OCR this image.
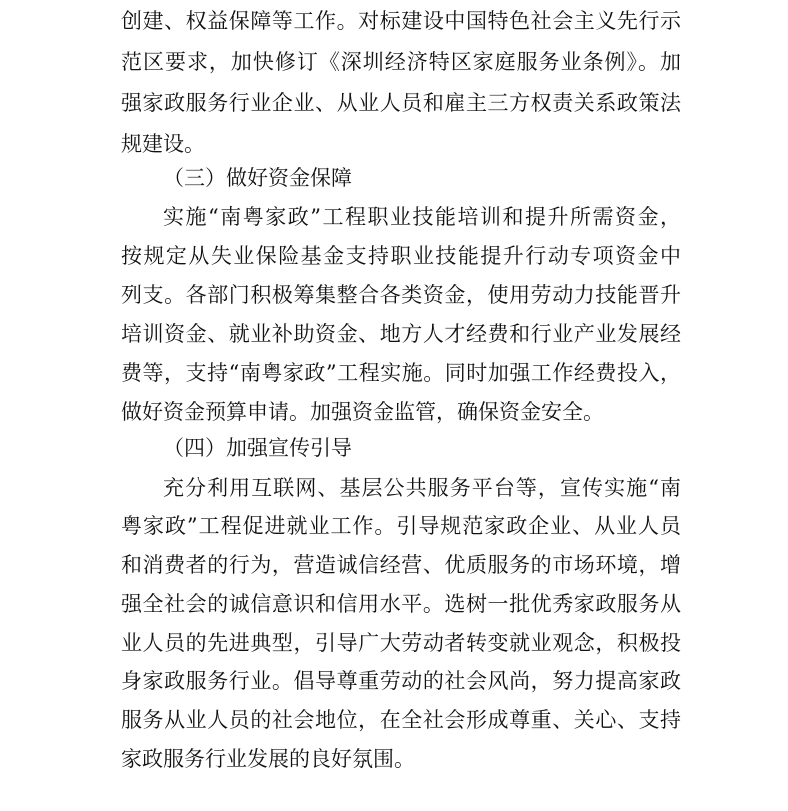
创建、权益保障等工作。对标建设中国特色社会主义先行示
范区要求，加快修订《深圳经济特区家庭服务业条例》。加
强家政服务行业企业、从业人员和雇主三方权责关系政策法
规建设。
（三）做好资金保障
实施“南粤家政”工程职业技能培训和提升所需资金，
按规定从失业保险基金支持职业技能提升行动专项资金中
列支。各部门积极筹集整合各类资金，使用劳动力技能晋升
培训资金、就业补助资金、地方人才经费和行业产业发展经
费等，支持“南粤家政”工程实施。同时加强工作经费投入，
做好资金预算申请。加强资金监管，确保资金安全。
（四）加强宣传引导
充分利用互联网、基层公共服务平台等，宣传实施“南
粤家政”工程促进就业工作。引导规范家政企业、从业人员
和消费者的行为，营造诚信经营、优质服务的市场环境，增
强全社会的诚信意识和信用水平。选树一批优秀家政服务从
业人员的先进典型，引导广大劳动者转变就业观念，积极投
身家政服务行业。倡导尊重劳动的社会风尚，努力提高家政
服务从业人员的社会地位，在全社会形成尊重、关心、支持
家政服务行业发展的良好氛围。
